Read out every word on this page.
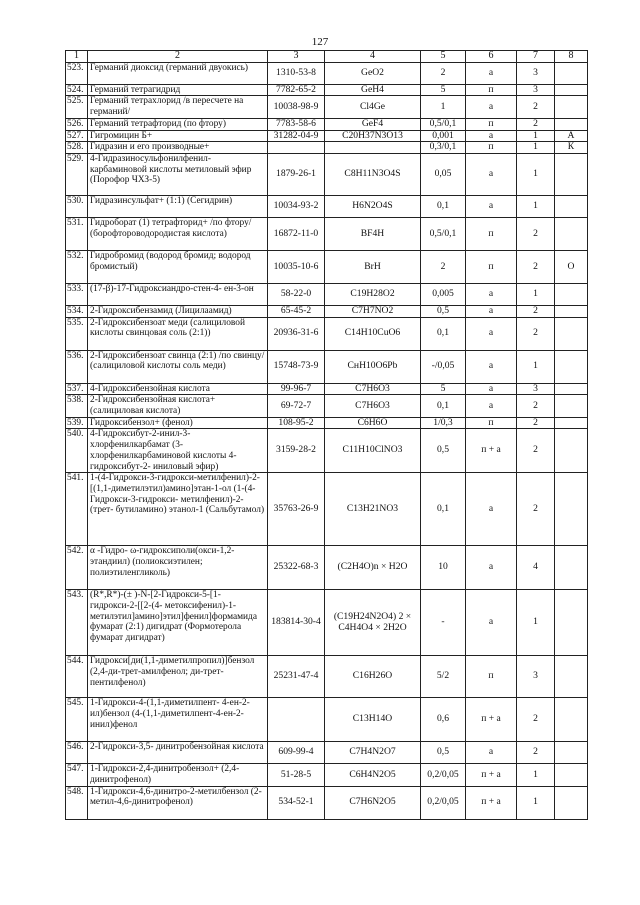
127
1	2	3	4	5	6	7	8
523.	Германий диоксид (германий двуокись)	1310-53-8	GeO2	2	а	3	
524.	Германий тетрагидрид	7782-65-2	GeH4	5	п	3	
525.	Германий тетрахлорид /в пересчете на германий/	10038-98-9	Cl4Ge	1	а	2	
526.	Германий тетрафторид (по фтору)	7783-58-6	GeF4	0,5/0,1	п	2	
527.	Гигромицин Б+	31282-04-9	C20H37N3O13	0,001	а	1	А
528.	Гидразин и его производные+			0,3/0,1	п	1	К
529.	4-Гидразиносульфонилфенил-карбаминовой кислоты метиловый эфир (Порофор ЧХЗ-5)	1879-26-1	C8H11N3O4S	0,05	а	1	
530.	Гидразинсульфат+ (1:1) (Сегидрин)	10034-93-2	H6N2O4S	0,1	а	1	
531.	Гидроборат (1) тетрафторид+ /по фтору/ (борофтороводородистая кислота)	16872-11-0	BF4H	0,5/0,1	п	2	
532.	Гидробромид (водород бромид; водород бромистый)	10035-10-6	BrH	2	п	2	О
533.	(17-β)-17-Гидроксиандро-стен-4- ен-3-он	58-22-0	C19H28O2	0,005	а	1	
534.	2-Гидроксибензамид (Лицилаамид)	65-45-2	C7H7NO2	0,5	а	2	
535.	2-Гидроксибензоат меди (салициловой кислоты свинцовая соль (2:1))	20936-31-6	C14H10CuO6	0,1	а	2	
536.	2-Гидроксибензоат свинца (2:1) /по свинцу/ (салициловой кислоты соль меди)	15748-73-9	CнH10O6Pb	-/0,05	а	1	
537.	4-Гидроксибензойная кислота	99-96-7	C7H6O3	5	а	3	
538.	2-Гидроксибензойная кислота+ (салициловая кислота)	69-72-7	C7H6O3	0,1	а	2	
539.	Гидроксибензол+ (фенол)	108-95-2	C6H6O	1/0,3	п	2	
540.	4-Гидроксибут-2-инил-3-хлорфенилкарбамат (3-хлорфенилкарбаминовой кислоты 4-гидроксибут-2- иниловый эфир)	3159-28-2	C11H10ClNO3	0,5	п + а	2	
541.	1-(4-Гидрокси-3-гидрокси-метилфенил)-2-[(1,1-диметилэтил)амино]этан-1-ол (1-(4-Гидрокси-3-гидрокси- метилфенил)-2-(трет- бутиламино) этанол-1 (Сальбутамол)	35763-26-9	C13H21NO3	0,1	а	2	
542.	α -Гидро- ω-гидроксиполи(окси-1,2-этандиил) (полиоксиэтилен; полиэтиленгликоль)	25322-68-3	(C2H4O)n × H2O	10	а	4	
543.	(R*,R*)-(± )-N-[2-Гидрокси-5-[1-гидрокси-2-[[2-(4- метоксифенил)-1-метилэтил]амино]этил]фенил]формамида фумарат (2:1) дигидрат (Формотерола фумарат дигидрат)	183814-30-4	(C19H24N2O4) 2 × C4H4O4 × 2H2O	-	а	1	
544.	Гидрокси[ди(1,1-диметилпропил)]бензол (2,4-ди-трет-амилфенол; ди-трет-пентилфенол)	25231-47-4	C16H26O	5/2	п	3	
545.	1-Гидрокси-4-(1,1-диметилпент- 4-ен-2-ил)бензол (4-(1,1-диметилпент-4-ен-2-инил)фенол		C13H14O	0,6	п + а	2	
546.	2-Гидрокси-3,5- динитробензойная кислота	609-99-4	C7H4N2O7	0,5	а	2	
547.	1-Гидрокси-2,4-динитробензол+ (2,4-динитрофенол)	51-28-5	C6H4N2O5	0,2/0,05	п + а	1	
548.	1-Гидрокси-4,6-динитро-2-метилбензол (2-метил-4,6-динитрофенол)	534-52-1	C7H6N2O5	0,2/0,05	п + а	1	
